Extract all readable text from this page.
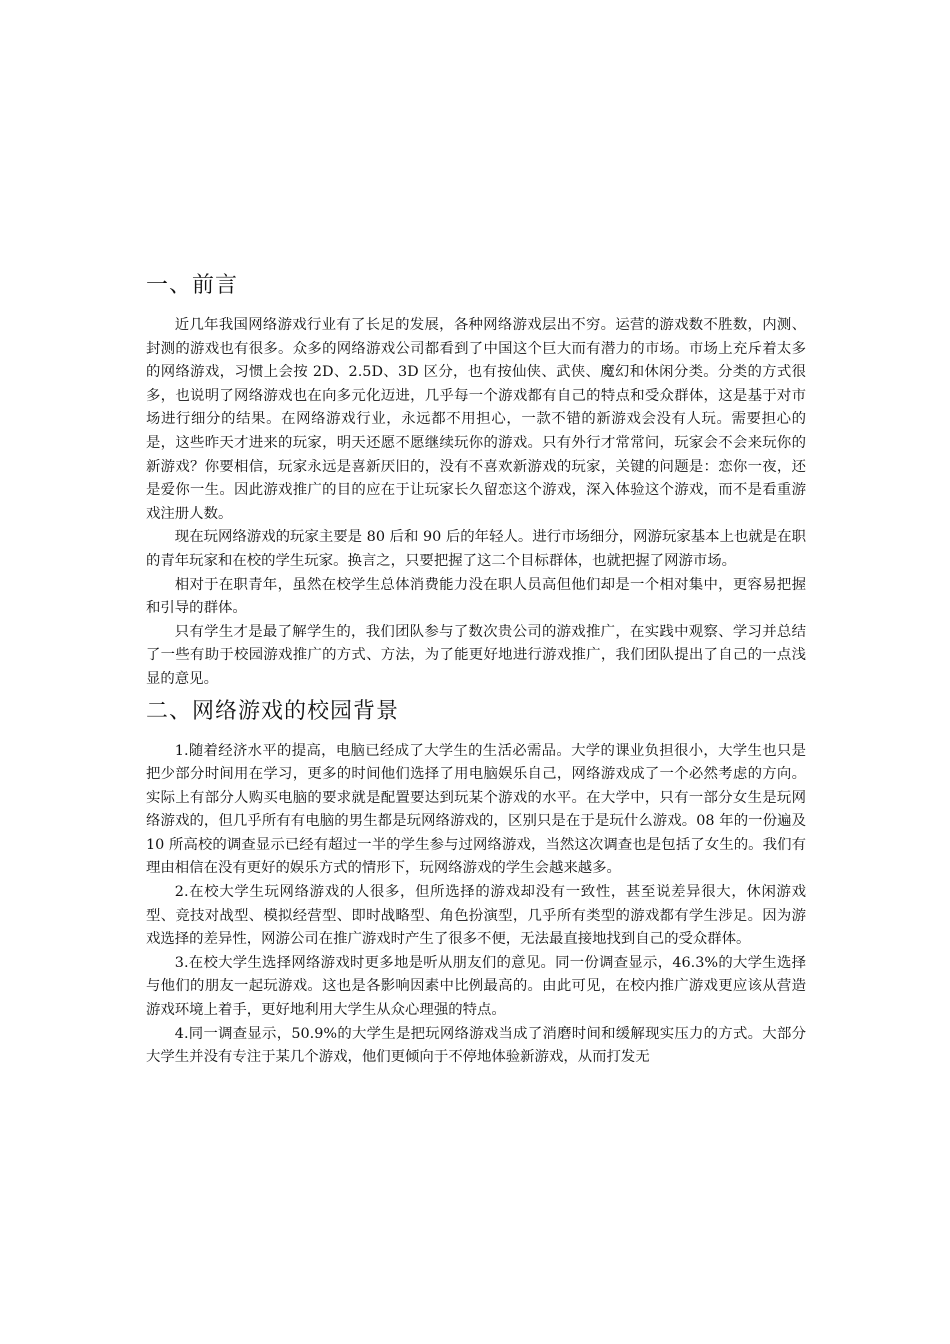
一、前言

近几年我国网络游戏行业有了长足的发展，各种网络游戏层出不穷。运营的游戏数不胜数，内测、封测的游戏也有很多。众多的网络游戏公司都看到了中国这个巨大而有潜力的市场。市场上充斥着太多的网络游戏，习惯上会按 2D、2.5D、3D 区分，也有按仙侠、武侠、魔幻和休闲分类。分类的方式很多，也说明了网络游戏也在向多元化迈进，几乎每一个游戏都有自己的特点和受众群体，这是基于对市场进行细分的结果。在网络游戏行业，永远都不用担心，一款不错的新游戏会没有人玩。需要担心的是，这些昨天才进来的玩家，明天还愿不愿继续玩你的游戏。只有外行才常常问，玩家会不会来玩你的新游戏？你要相信，玩家永远是喜新厌旧的，没有不喜欢新游戏的玩家，关键的问题是：恋你一夜，还是爱你一生。因此游戏推广的目的应在于让玩家长久留恋这个游戏，深入体验这个游戏，而不是看重游戏注册人数。

现在玩网络游戏的玩家主要是 80 后和 90 后的年轻人。进行市场细分，网游玩家基本上也就是在职的青年玩家和在校的学生玩家。换言之，只要把握了这二个目标群体，也就把握了网游市场。

相对于在职青年，虽然在校学生总体消费能力没在职人员高但他们却是一个相对集中，更容易把握和引导的群体。

只有学生才是最了解学生的，我们团队参与了数次贵公司的游戏推广，在实践中观察、学习并总结了一些有助于校园游戏推广的方式、方法，为了能更好地进行游戏推广，我们团队提出了自己的一点浅显的意见。

二、网络游戏的校园背景

1.随着经济水平的提高，电脑已经成了大学生的生活必需品。大学的课业负担很小，大学生也只是把少部分时间用在学习，更多的时间他们选择了用电脑娱乐自己，网络游戏成了一个必然考虑的方向。实际上有部分人购买电脑的要求就是配置要达到玩某个游戏的水平。在大学中，只有一部分女生是玩网络游戏的，但几乎所有有电脑的男生都是玩网络游戏的，区别只是在于是玩什么游戏。08 年的一份遍及 10 所高校的调查显示已经有超过一半的学生参与过网络游戏，当然这次调查也是包括了女生的。我们有理由相信在没有更好的娱乐方式的情形下，玩网络游戏的学生会越来越多。

2.在校大学生玩网络游戏的人很多，但所选择的游戏却没有一致性，甚至说差异很大，休闲游戏型、竞技对战型、模拟经营型、即时战略型、角色扮演型，几乎所有类型的游戏都有学生涉足。因为游戏选择的差异性，网游公司在推广游戏时产生了很多不便，无法最直接地找到自己的受众群体。

3.在校大学生选择网络游戏时更多地是听从朋友们的意见。同一份调查显示，46.3%的大学生选择与他们的朋友一起玩游戏。这也是各影响因素中比例最高的。由此可见，在校内推广游戏更应该从营造游戏环境上着手，更好地利用大学生从众心理强的特点。

4.同一调查显示，50.9%的大学生是把玩网络游戏当成了消磨时间和缓解现实压力的方式。大部分大学生并没有专注于某几个游戏，他们更倾向于不停地体验新游戏，从而打发无
